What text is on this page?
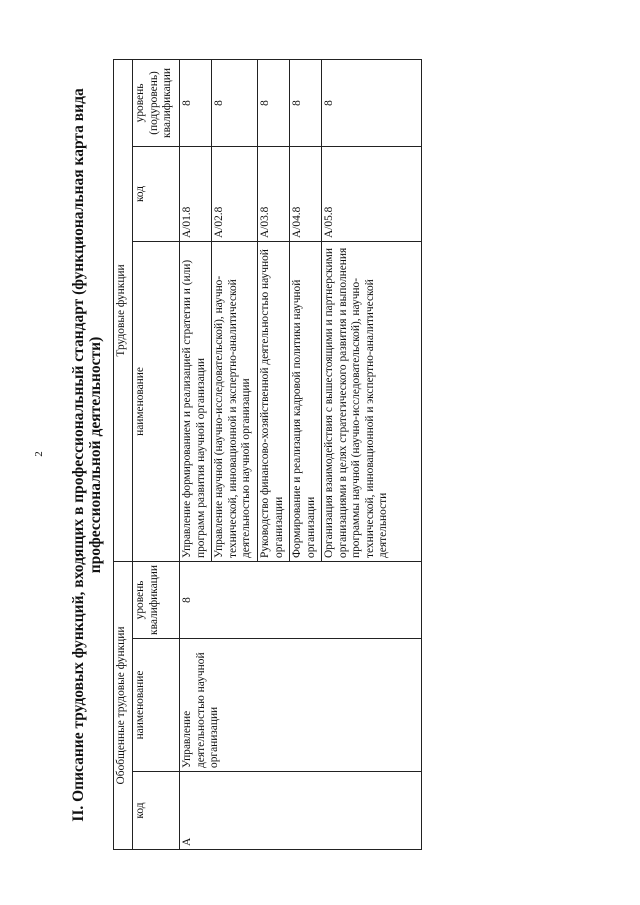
2 II. Описание трудовых функций, входящих в профессиональный стандарт (функциональная карта вида профессиональной деятельности)
Обобщенные трудовые функции			Трудовые функции		
код	наименование	уровень квалификации	наименование	код	уровень (подуровень) квалификации
А	Управление деятельностью научной организации	8	Управление формированием и реализацией стратегии и (или) программ развития научной организации	A/01.8	8
			Управление научной (научно-исследовательской), научно-технической, инновационной и экспертно-аналитической деятельностью научной организации	A/02.8	8
			Руководство финансово-хозяйственной деятельностью научной организации	A/03.8	8
			Формирование и реализация кадровой политики научной организации	A/04.8	8
			Организация взаимодействия с вышестоящими и партнерскими организациями в целях стратегического развития и выполнения программы научной (научно-исследовательской), научно-технической, инновационной и экспертно-аналитической деятельности	A/05.8	8
